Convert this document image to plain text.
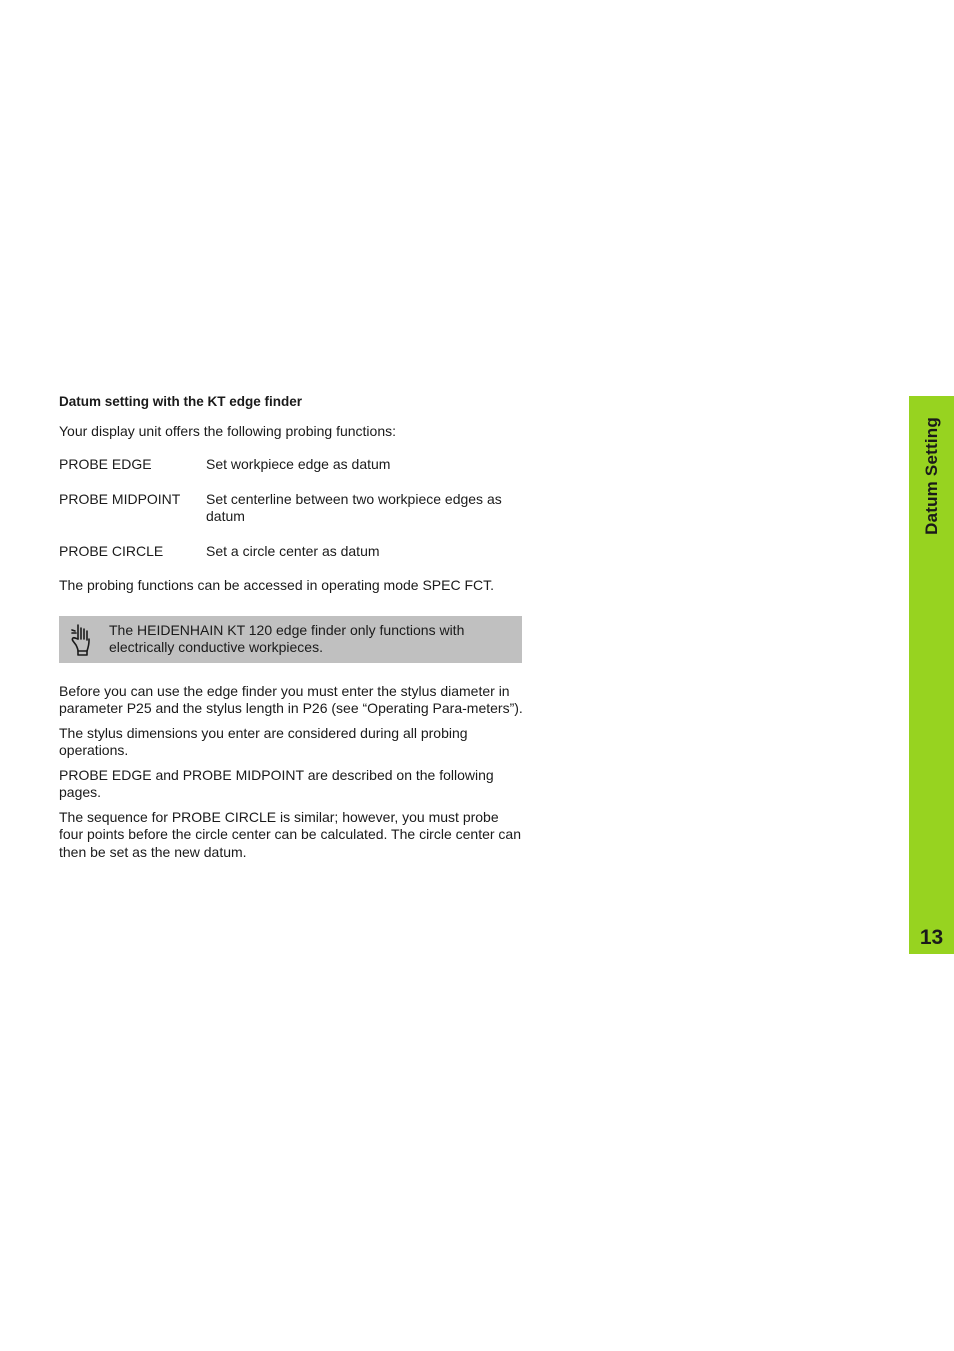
Datum setting with the KT edge finder

Your display unit offers the following probing functions:

PROBE EDGE	Set workpiece edge as datum
PROBE MIDPOINT	Set centerline between two workpiece edges as datum
PROBE CIRCLE	Set a circle center as datum

The probing functions can be accessed in operating mode SPEC FCT.

The HEIDENHAIN KT 120 edge finder only functions with electrically conductive workpieces.

Before you can use the edge finder you must enter the stylus diameter in parameter P25 and the stylus length in P26 (see “Operating Para-meters”).

The stylus dimensions you enter are considered during all probing operations.

PROBE EDGE and PROBE MIDPOINT are described on the following pages.

The sequence for PROBE CIRCLE is similar; however, you must probe four points before the circle center can be calculated. The circle center can then be set as the new datum.

Datum Setting
13
